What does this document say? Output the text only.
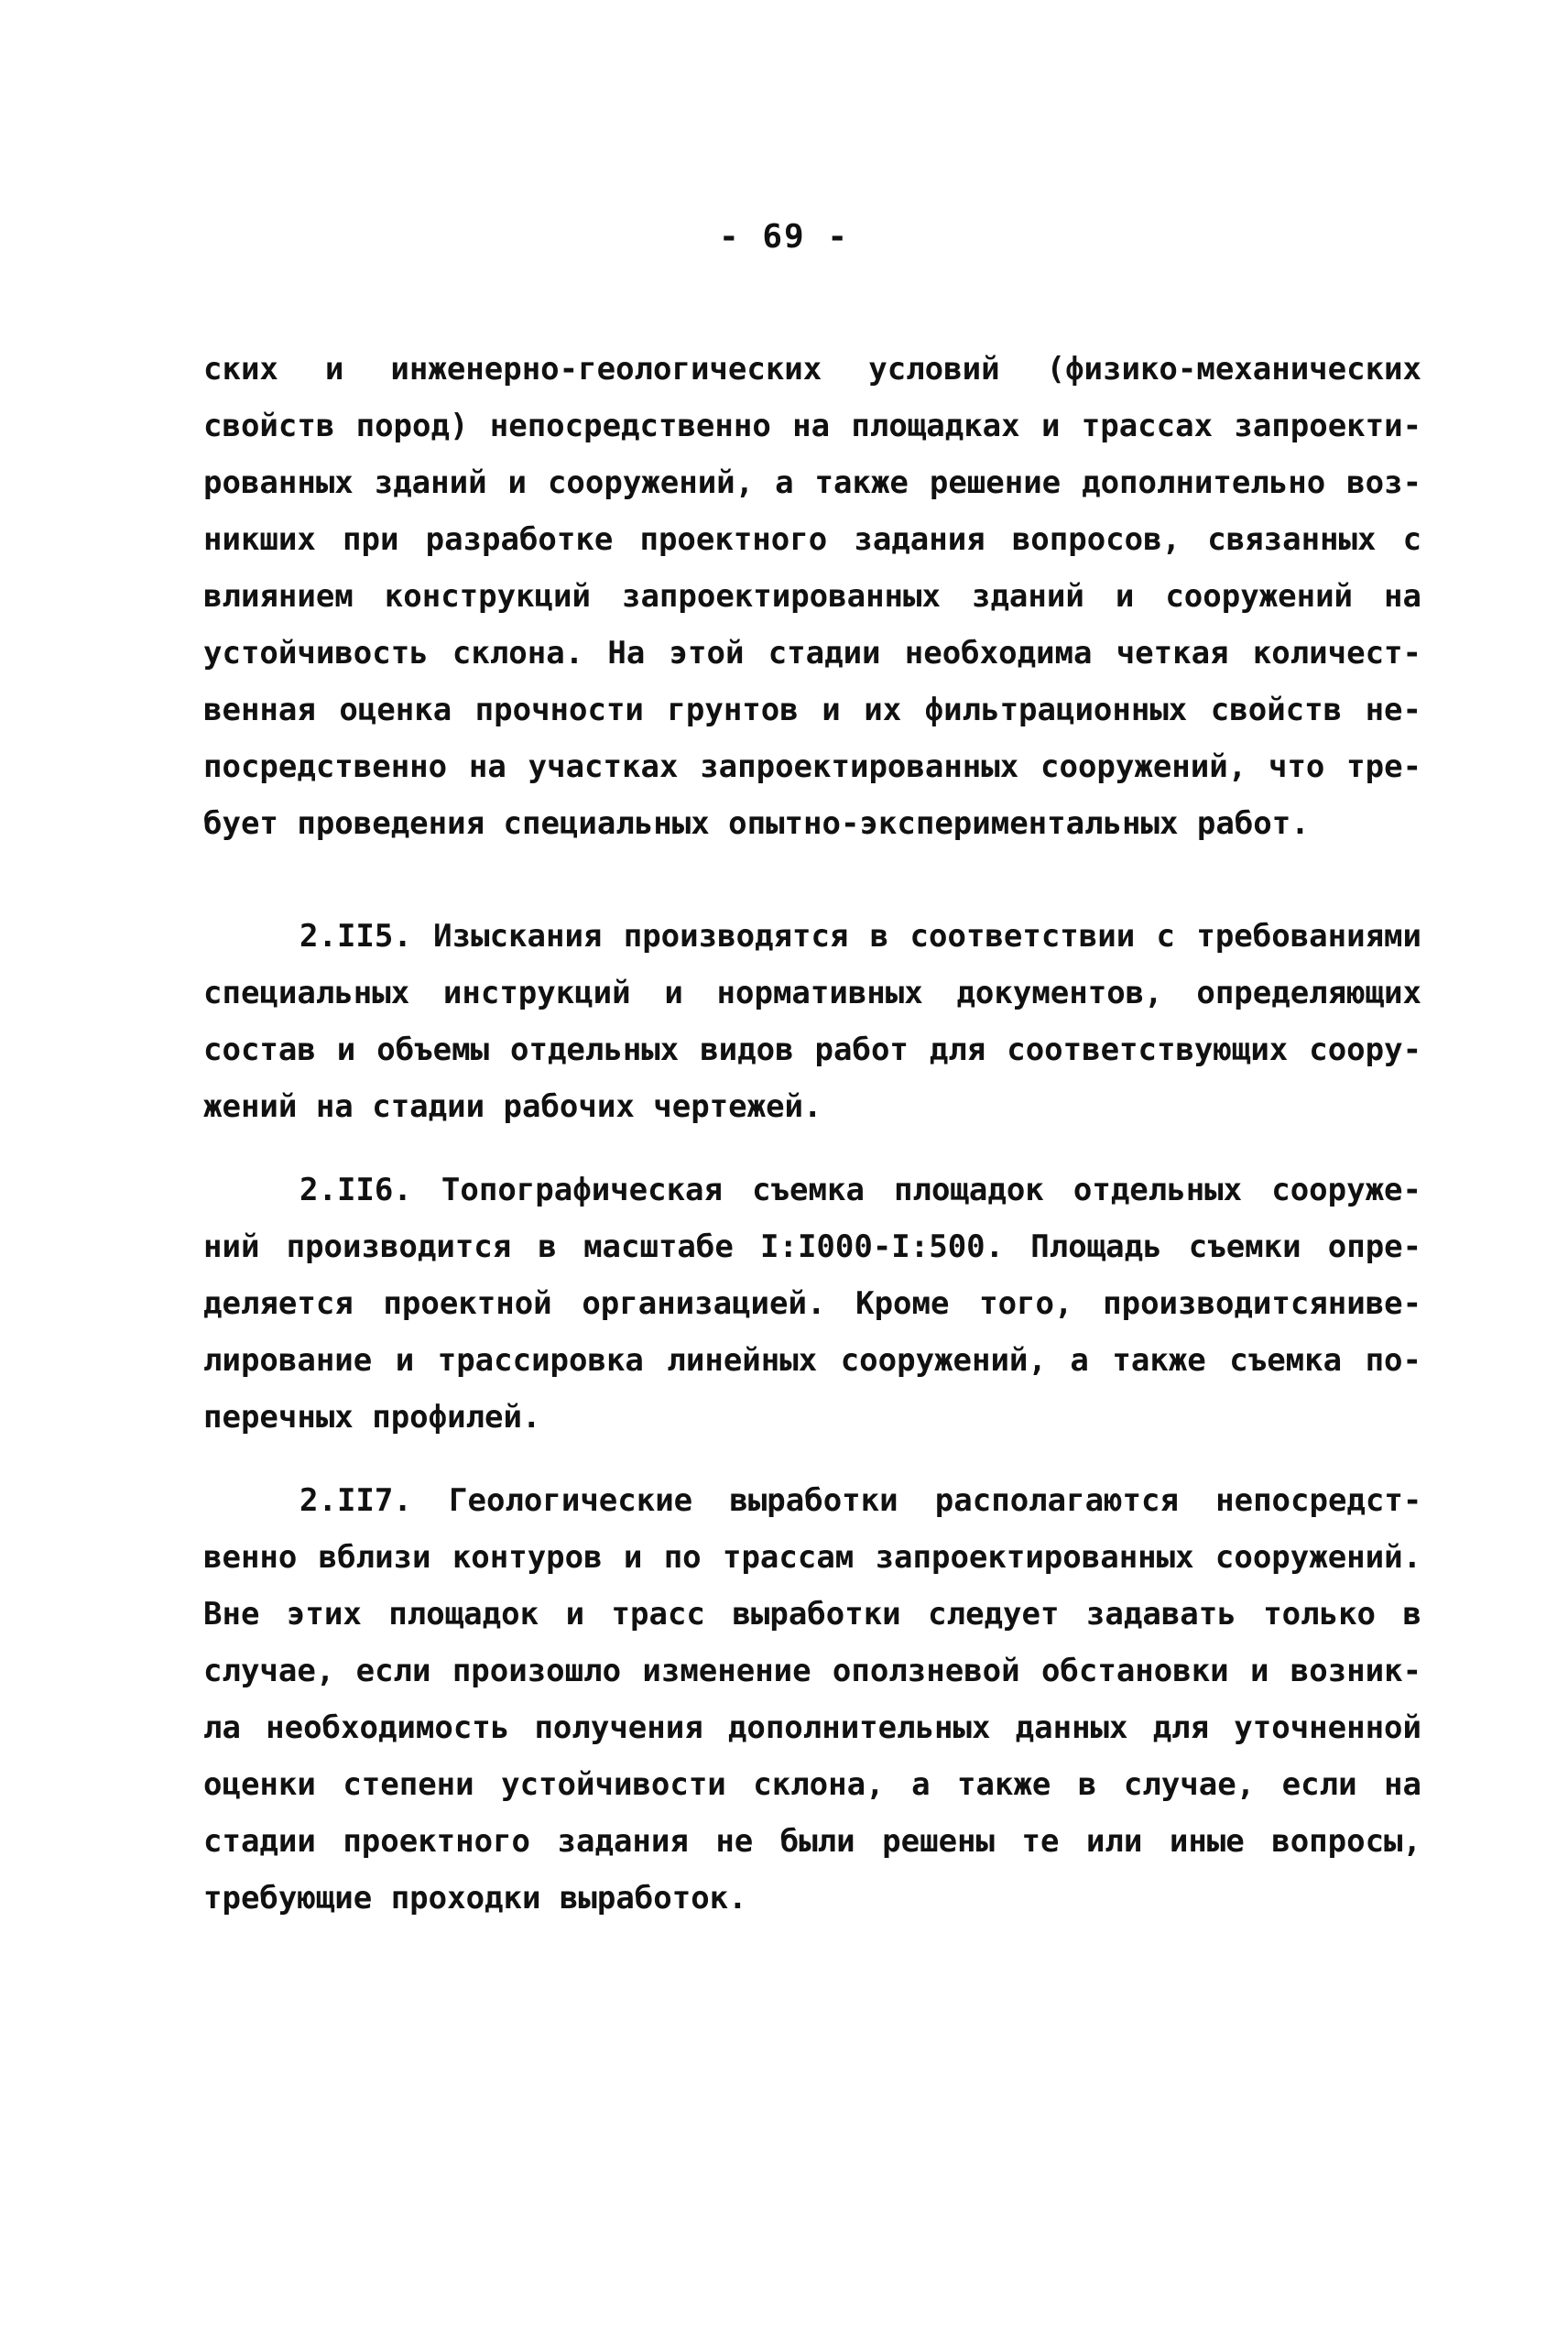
- 69 -
ских и инженерно-геологических условий (физико-механических
свойств пород) непосредственно на площадках и трассах запроекти-
рованных зданий и сооружений, а также решение дополнительно воз-
никших при разработке проектного задания вопросов, связанных с
влиянием конструкций запроектированных зданий и сооружений на
устойчивость склона. На этой стадии необходима четкая количест-
венная оценка прочности грунтов и их фильтрационных свойств не-
посредственно на участках запроектированных сооружений, что тре-
бует проведения специальных опытно-экспериментальных работ.
2.II5. Изыскания производятся в соответствии с требованиями
специальных инструкций и нормативных документов, определяющих
состав и объемы отдельных видов работ для соответствующих соору-
жений на стадии рабочих чертежей.
2.II6. Топографическая съемка площадок отдельных сооруже-
ний производится в масштабе I:I000-I:500. Площадь съемки опре-
деляется проектной организацией. Кроме того, производитсяниве-
лирование и трассировка линейных сооружений, а также съемка по-
перечных профилей.
2.II7. Геологические выработки располагаются непосредст-
венно вблизи контуров и по трассам запроектированных сооружений.
Вне этих площадок и трасс выработки следует задавать только в
случае, если произошло изменение оползневой обстановки и возник-
ла необходимость получения дополнительных данных для уточненной
оценки степени устойчивости склона, а также в случае, если на
стадии проектного задания не были решены те или иные вопросы,
требующие проходки выработок.
